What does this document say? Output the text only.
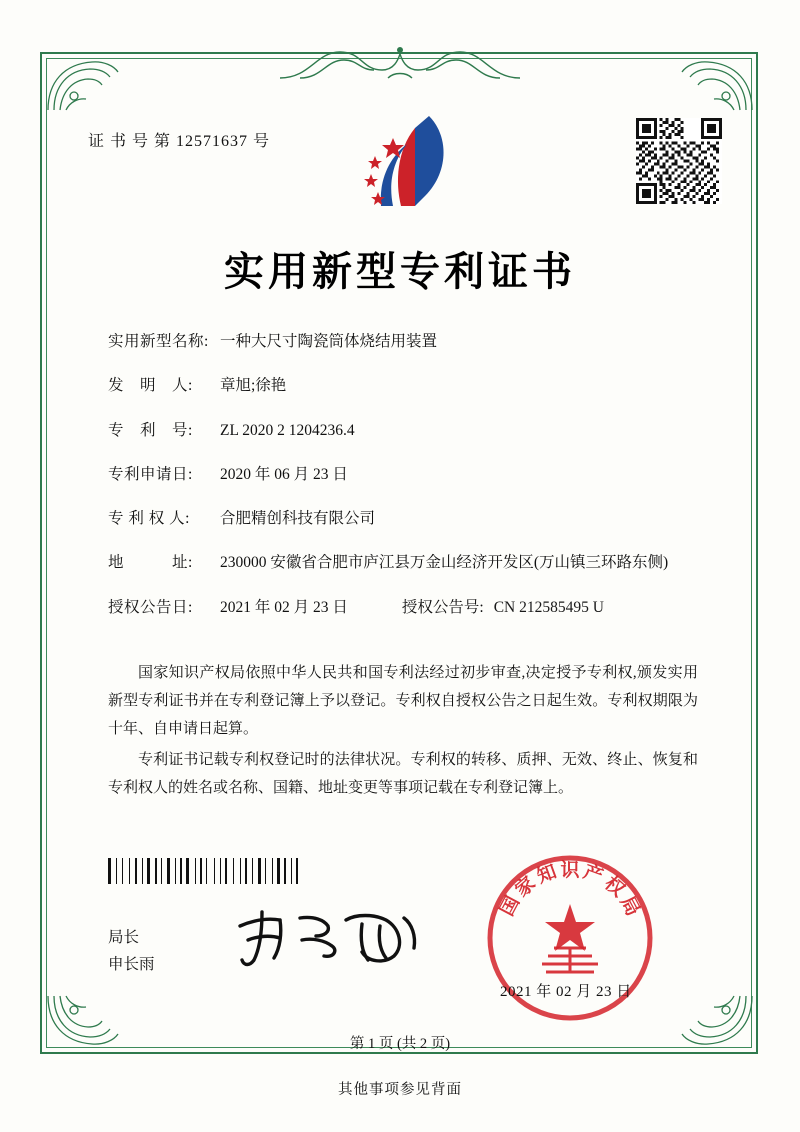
证 书 号 第 12571637 号
实用新型专利证书
实用新型名称: 一种大尺寸陶瓷筒体烧结用装置
发　明　人:	章旭;徐艳
专　利　号:	ZL 2020 2 1204236.4
专利申请日:	2020 年 06 月 23 日
专 利 权 人:	合肥精创科技有限公司
地　　　址:	230000 安徽省合肥市庐江县万金山经济开发区(万山镇三环路东侧)
授权公告日:	2021 年 02 月 23 日	授权公告号: CN 212585495 U

国家知识产权局依照中华人民共和国专利法经过初步审查,决定授予专利权,颁发实用新型专利证书并在专利登记簿上予以登记。专利权自授权公告之日起生效。专利权期限为十年、自申请日起算。

专利证书记载专利权登记时的法律状况。专利权的转移、质押、无效、终止、恢复和专利权人的姓名或名称、国籍、地址变更等事项记载在专利登记簿上。

局长
申长雨
国
家
知 识 产
权
局
2021 年 02 月 23 日
第 1 页 (共 2 页)
其他事项参见背面
